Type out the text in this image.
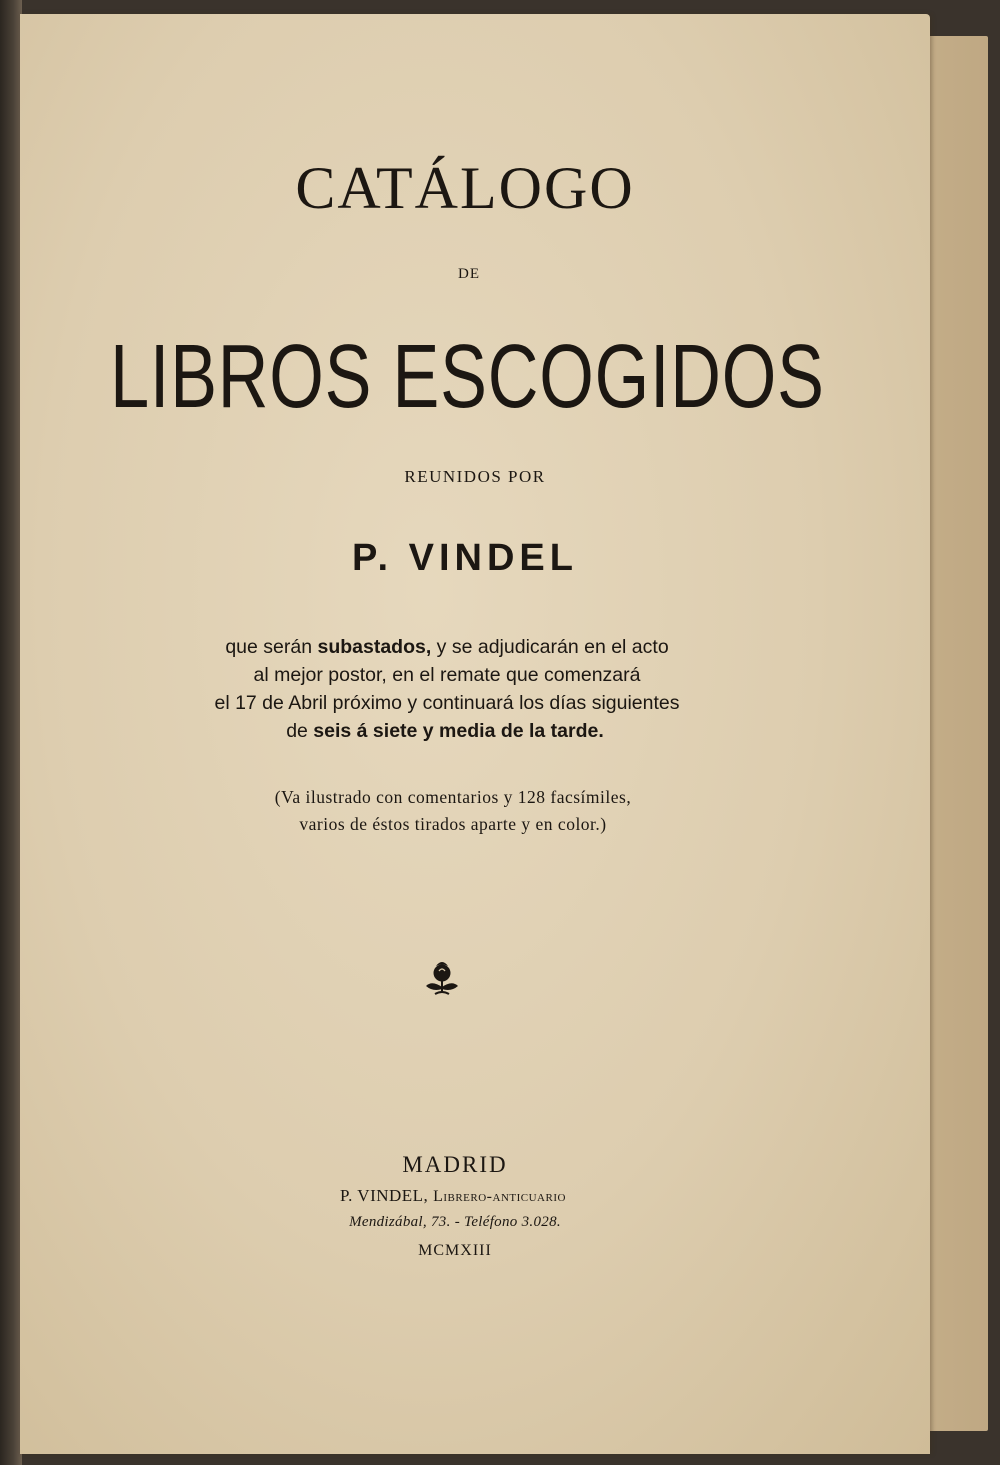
CATÁLOGO
DE
LIBROS ESCOGIDOS
REUNIDOS POR
P. VINDEL
que serán subastados, y se adjudicarán en el acto
al mejor postor, en el remate que comenzará
el 17 de Abril próximo y continuará los días siguientes
de seis á siete y media de la tarde.
(Va ilustrado con comentarios y 128 facsímiles,
varios de éstos tirados aparte y en color.)
MADRID
P. VINDEL, Librero-anticuario
Mendizábal, 73. - Teléfono 3.028.
MCMXIII
